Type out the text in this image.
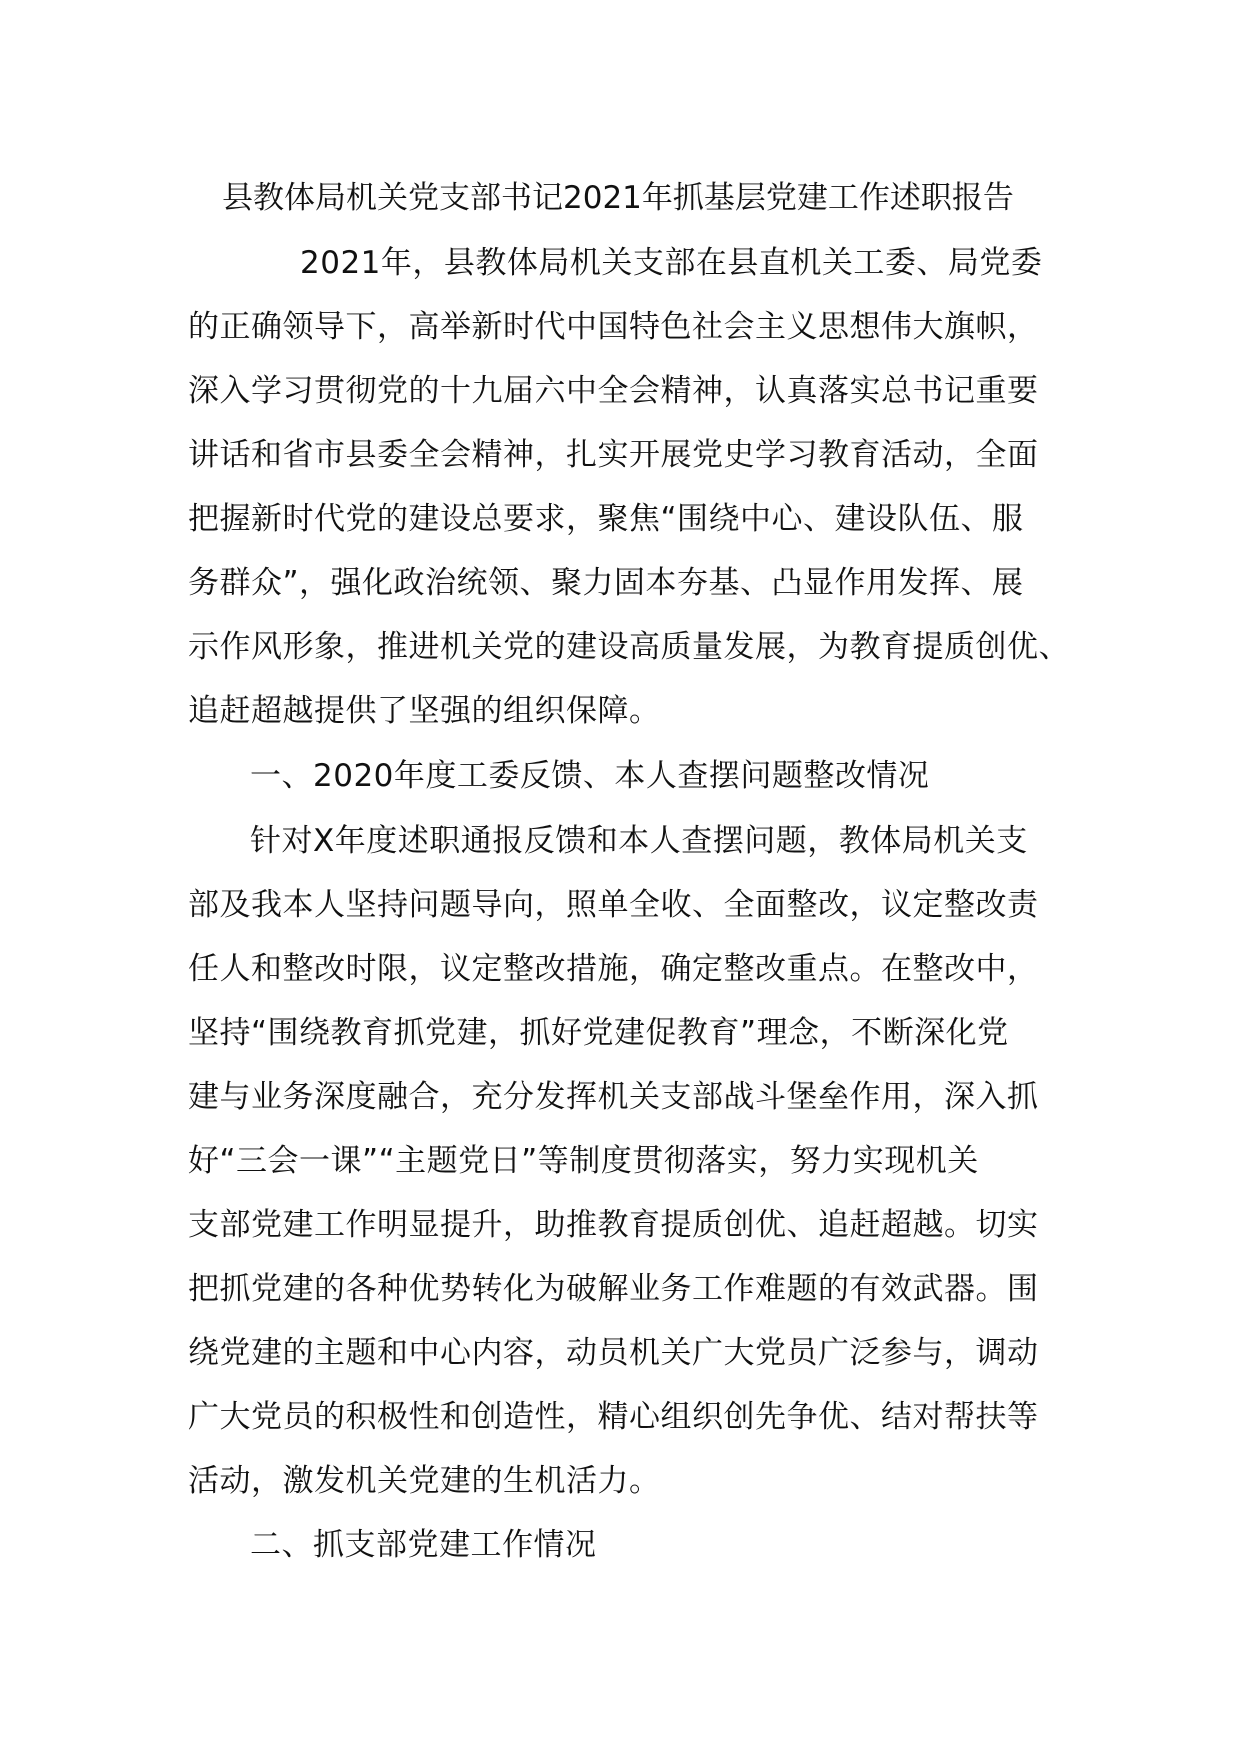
县教体局机关党支部书记2021年抓基层党建工作述职报告
2021年，县教体局机关支部在县直机关工委、局党委
的正确领导下，高举新时代中国特色社会主义思想伟大旗帜，
深入学习贯彻党的十九届六中全会精神，认真落实总书记重要
讲话和省市县委全会精神，扎实开展党史学习教育活动，全面
把握新时代党的建设总要求，聚焦“围绕中心、建设队伍、服
务群众”，强化政治统领、聚力固本夯基、凸显作用发挥、展
示作风形象，推进机关党的建设高质量发展，为教育提质创优、
追赶超越提供了坚强的组织保障。
一、2020年度工委反馈、本人查摆问题整改情况
针对X年度述职通报反馈和本人查摆问题，教体局机关支
部及我本人坚持问题导向，照单全收、全面整改，议定整改责
任人和整改时限，议定整改措施，确定整改重点。在整改中，
坚持“围绕教育抓党建，抓好党建促教育”理念，不断深化党
建与业务深度融合，充分发挥机关支部战斗堡垒作用，深入抓
好“三会一课”“主题党日”等制度贯彻落实，努力实现机关
支部党建工作明显提升，助推教育提质创优、追赶超越。切实
把抓党建的各种优势转化为破解业务工作难题的有效武器。围
绕党建的主题和中心内容，动员机关广大党员广泛参与，调动
广大党员的积极性和创造性，精心组织创先争优、结对帮扶等
活动，激发机关党建的生机活力。
二、抓支部党建工作情况
